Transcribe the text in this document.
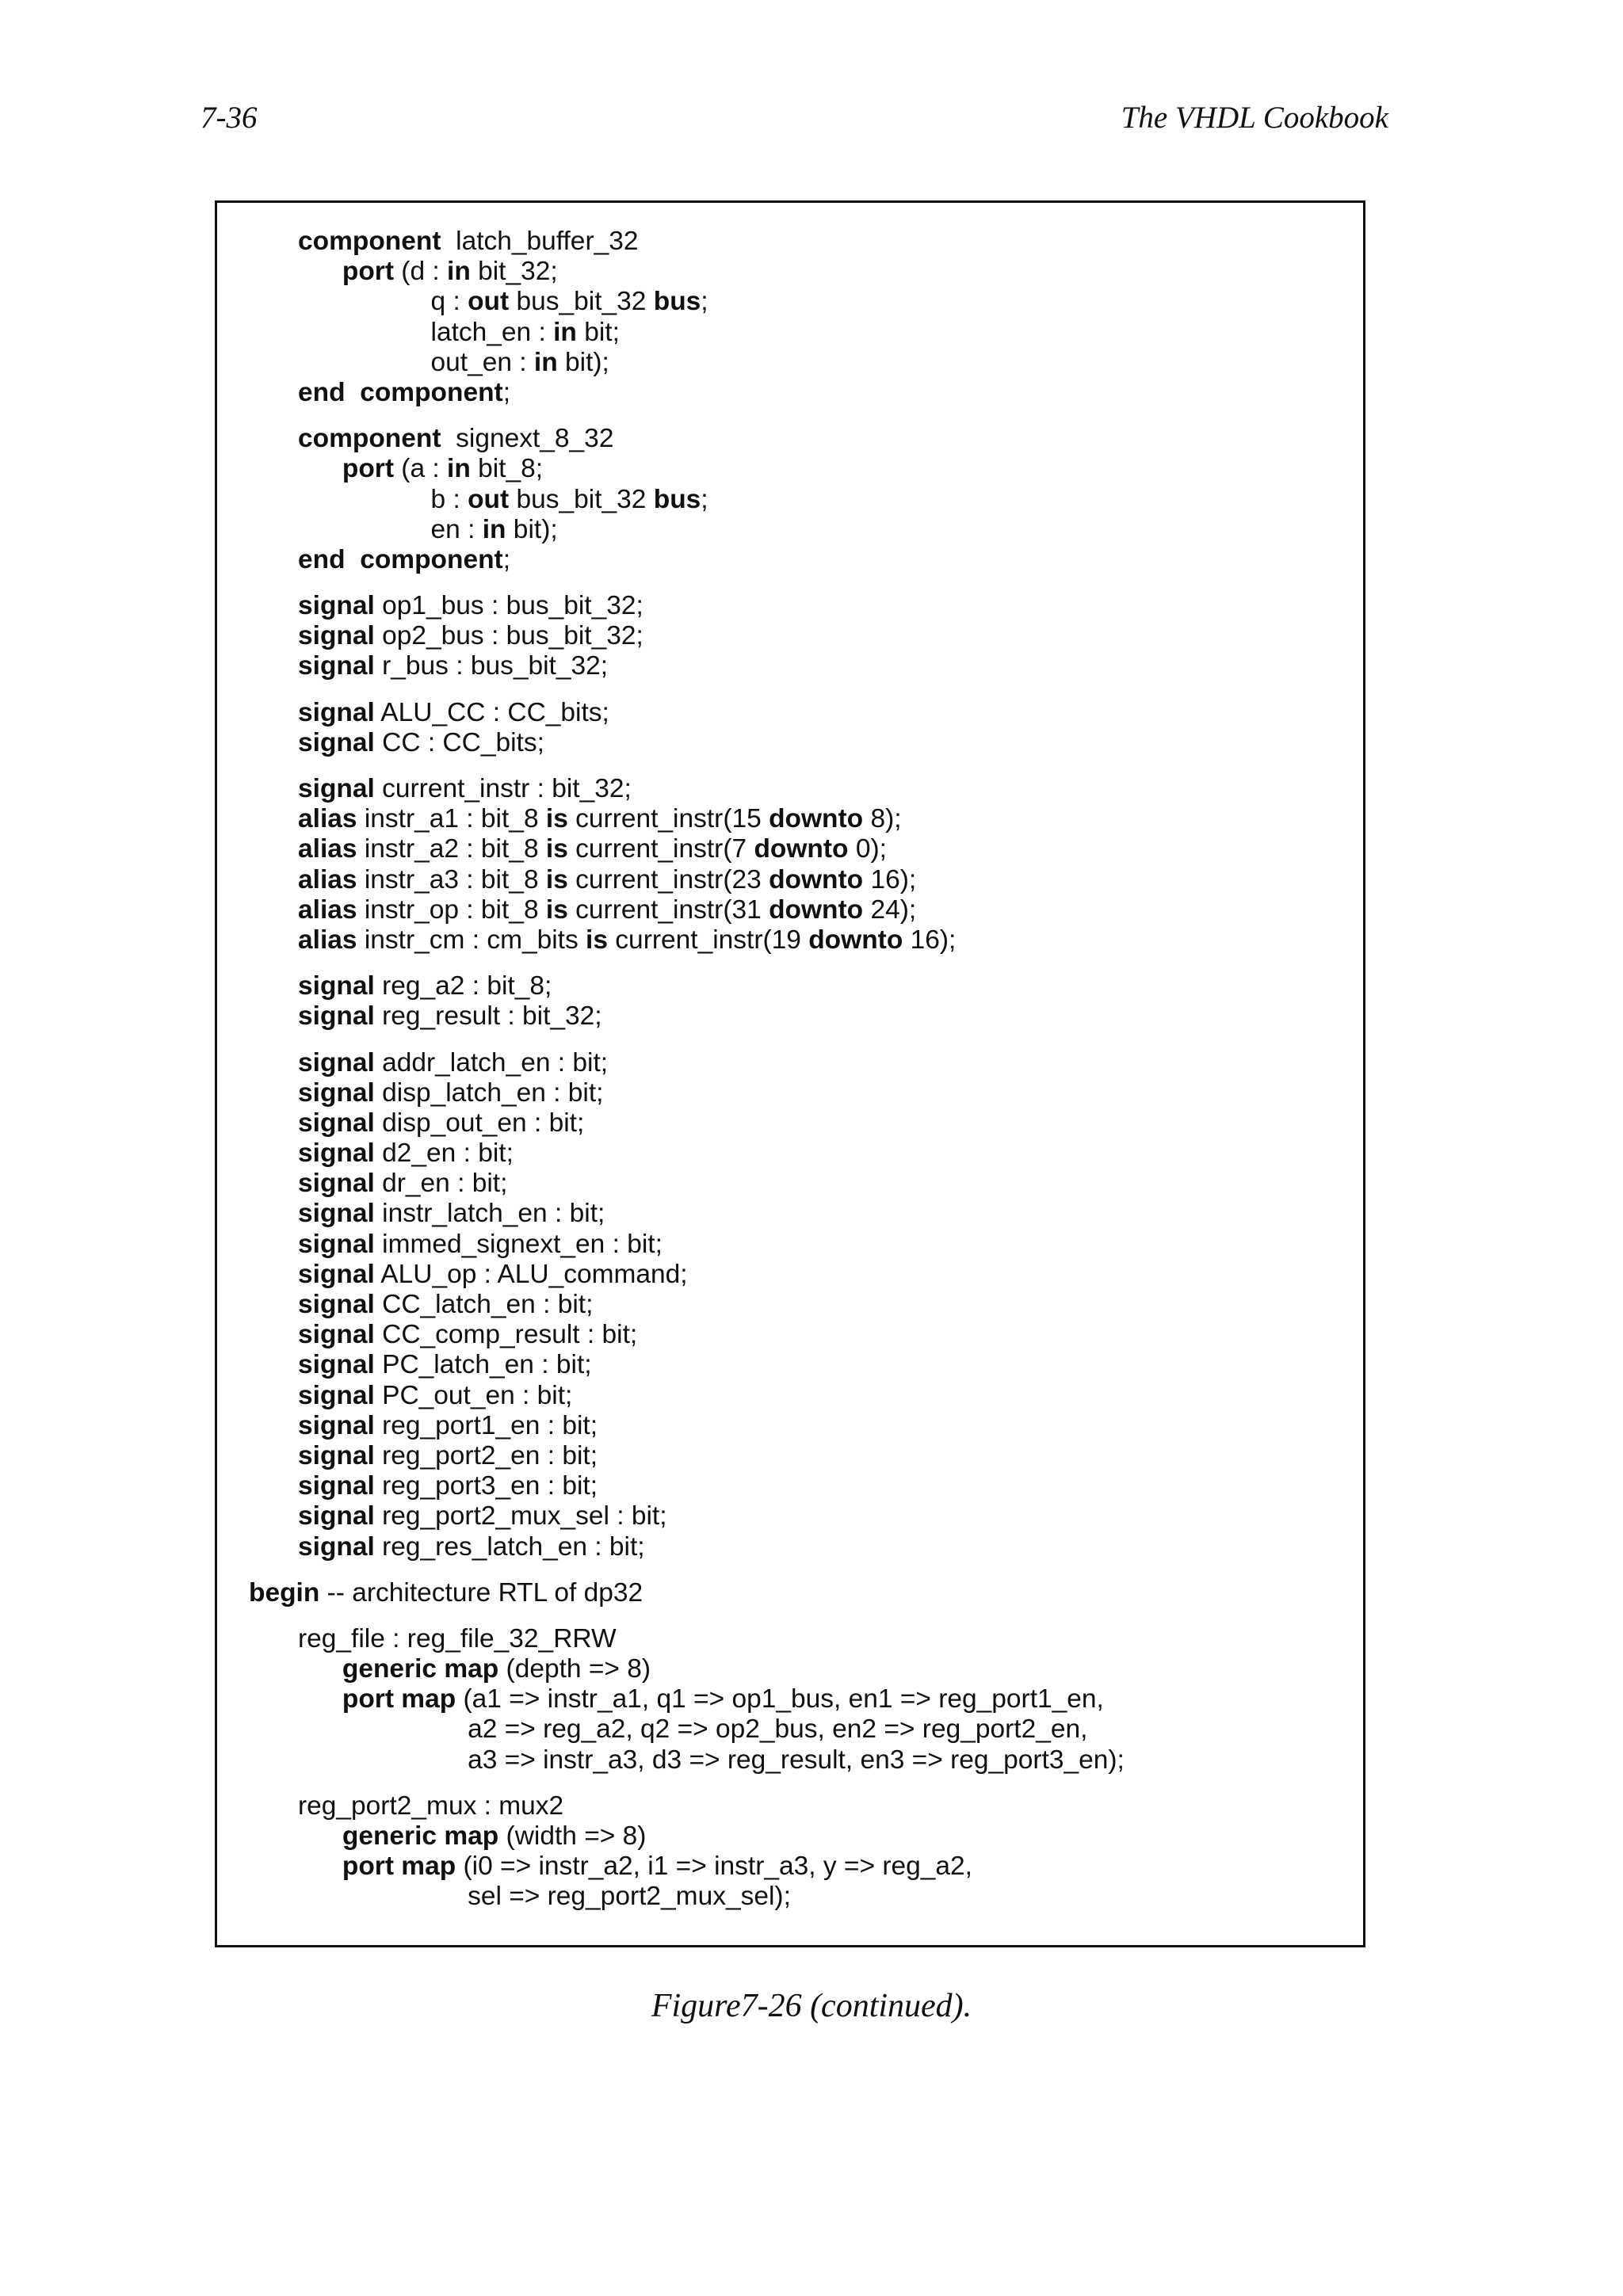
7-36	The VHDL Cookbook
component  latch_buffer_32
port (d : in bit_32;
q : out bus_bit_32 bus;
latch_en : in bit;
out_en : in bit);
end component;
component  signext_8_32
port (a : in bit_8;
b : out bus_bit_32 bus;
en : in bit);
end component;
signal op1_bus : bus_bit_32;
signal op2_bus : bus_bit_32;
signal r_bus : bus_bit_32;
signal ALU_CC : CC_bits;
signal CC : CC_bits;
signal current_instr : bit_32;
alias instr_a1 : bit_8 is current_instr(15 downto 8);
alias instr_a2 : bit_8 is current_instr(7 downto 0);
alias instr_a3 : bit_8 is current_instr(23 downto 16);
alias instr_op : bit_8 is current_instr(31 downto 24);
alias instr_cm : cm_bits is current_instr(19 downto 16);
signal reg_a2 : bit_8;
signal reg_result : bit_32;
signal addr_latch_en : bit;
signal disp_latch_en : bit;
signal disp_out_en : bit;
signal d2_en : bit;
signal dr_en : bit;
signal instr_latch_en : bit;
signal immed_signext_en : bit;
signal ALU_op : ALU_command;
signal CC_latch_en : bit;
signal CC_comp_result : bit;
signal PC_latch_en : bit;
signal PC_out_en : bit;
signal reg_port1_en : bit;
signal reg_port2_en : bit;
signal reg_port3_en : bit;
signal reg_port2_mux_sel : bit;
signal reg_res_latch_en : bit;
begin -- architecture RTL of dp32
reg_file : reg_file_32_RRW
generic map (depth => 8)
port map (a1 => instr_a1, q1 => op1_bus, en1 => reg_port1_en,
a2 => reg_a2, q2 => op2_bus, en2 => reg_port2_en,
a3 => instr_a3, d3 => reg_result, en3 => reg_port3_en);
reg_port2_mux : mux2
generic map (width => 8)
port map (i0 => instr_a2, i1 => instr_a3, y => reg_a2,
sel => reg_port2_mux_sel);
Figure7-26 (continued).
